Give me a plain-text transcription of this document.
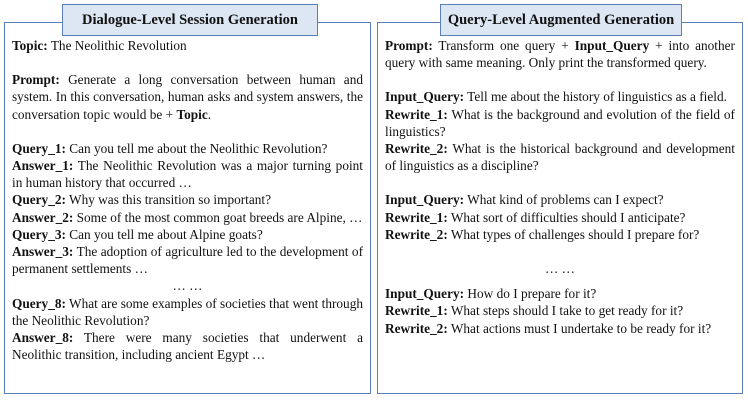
Topic: The Neolithic Revolution
Prompt: Generate a long conversation between human and system. In this conversation, human asks and system answers, the conversation topic would be + Topic.
Query_1: Can you tell me about the Neolithic Revolution?
Answer_1: The Neolithic Revolution was a major turning point in human history that occurred …
Query_2: Why was this transition so important?
Answer_2: Some of the most common goat breeds are Alpine, …
Query_3: Can you tell me about Alpine goats?
Answer_3: The adoption of agriculture led to the development of permanent settlements …
… …
Query_8: What are some examples of societies that went through the Neolithic Revolution?
Answer_8: There were many societies that underwent a Neolithic transition, including ancient Egypt …
Dialogue-Level Session Generation
Prompt: Transform one query + Input_Query + into another query with same meaning. Only print the transformed query.
Input_Query: Tell me about the history of linguistics as a field.
Rewrite_1: What is the background and evolution of the field of linguistics?
Rewrite_2: What is the historical background and development of linguistics as a discipline?
Input_Query: What kind of problems can I expect?
Rewrite_1: What sort of difficulties should I anticipate?
Rewrite_2: What types of challenges should I prepare for?
… …
Input_Query: How do I prepare for it?
Rewrite_1: What steps should I take to get ready for it?
Rewrite_2: What actions must I undertake to be ready for it?
Query-Level Augmented Generation
